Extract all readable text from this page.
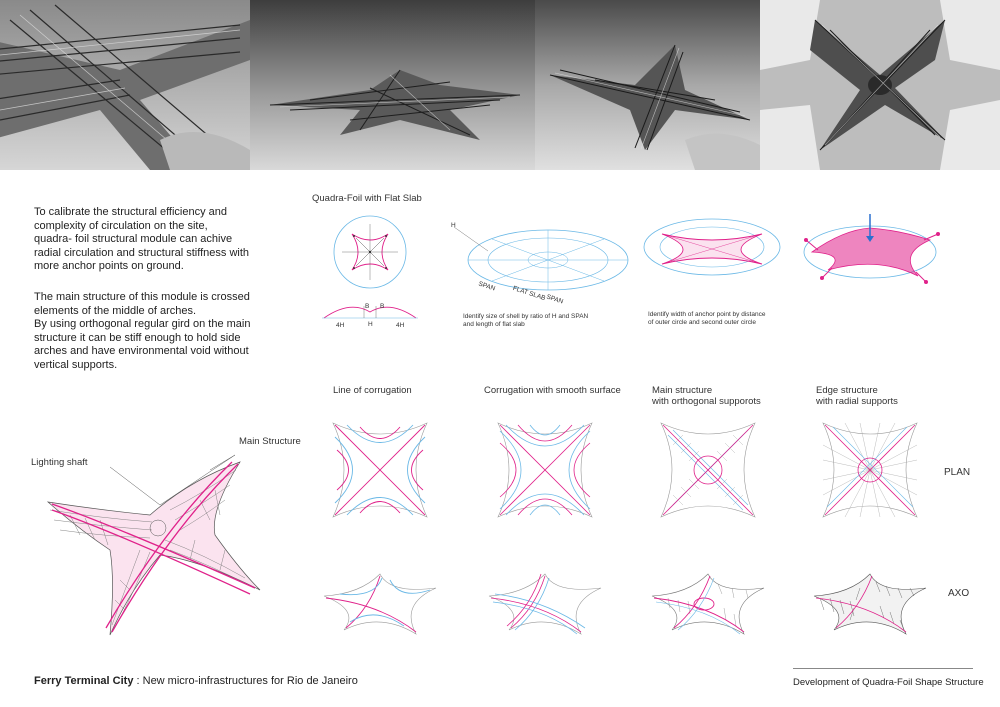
To calibrate the structural efficiency and
complexity of circulation on the site,
quadra- foil structural module can achive
radial circulation and structural stiffness with
more anchor points on ground.
The main structure of this module is crossed
elements of the middle of arches.
By using orthogonal regular gird on the main
structure it can be stiff enough to hold side
arches and have environmental void without
vertical supports.
Quadra-Foil with Flat Slab
4H	4H
H
B B
H
SPAN FLAT SLAB SPAN
Identify size of shell by ratio of H and SPAN
and length of flat slab
Identify width of anchor point by distance
of outer circle and second outer circle
Lighting shaft
Main Structure
Line of corrugation	Corrugation with smooth surface	Main structure
with orthogonal supporots
Edge structure
with radial supports
PLAN
AXO
Ferry Terminal City : New micro-infrastructures for Rio de Janeiro	Development of Quadra-Foil Shape Structure
